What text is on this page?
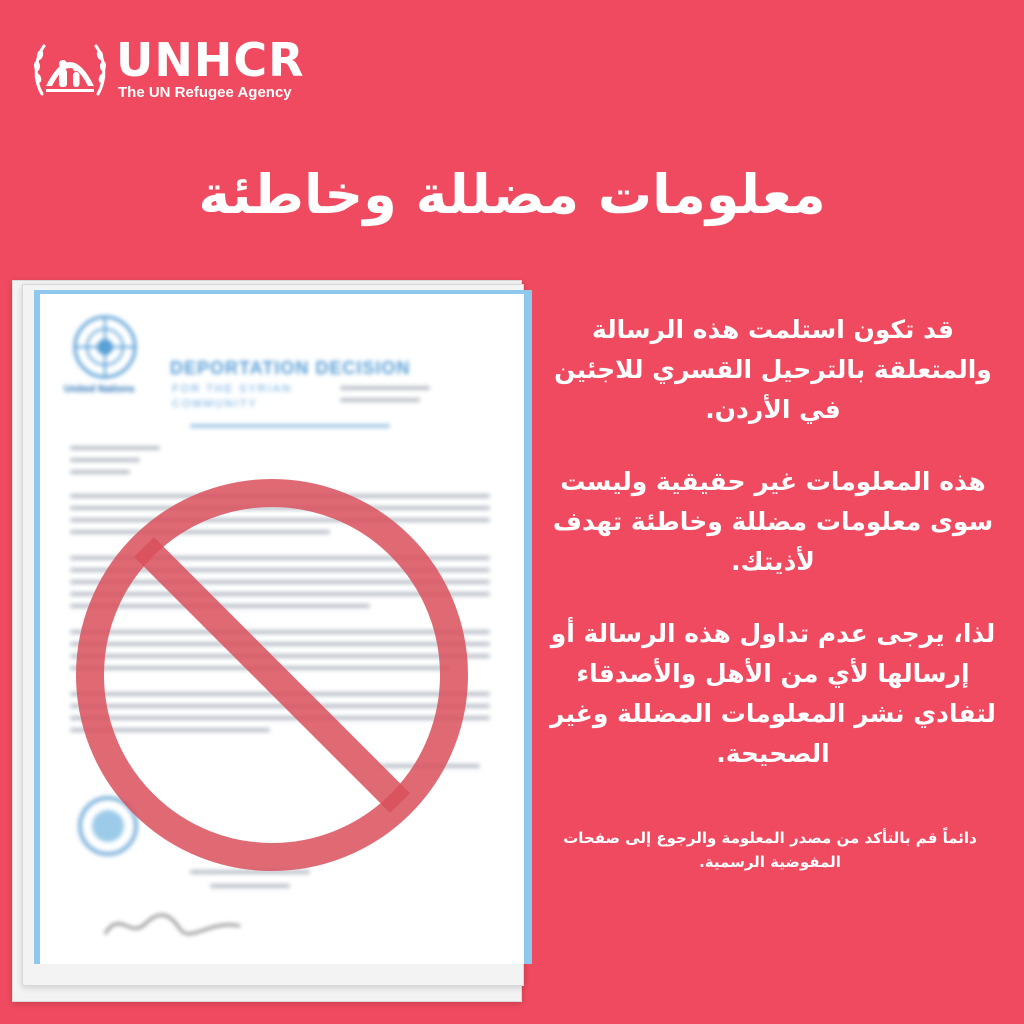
UNHCR
The UN Refugee Agency
معلومات مضللة وخاطئة
United Nations
DEPORTATION DECISION
FOR THE SYRIAN COMMUNITY

قد تكون استلمت هذه الرسالة والمتعلقة بالترحيل القسري للاجئين في الأردن.

هذه المعلومات غير حقيقية وليست سوى معلومات مضللة وخاطئة تهدف لأذيتك.

لذا، يرجى عدم تداول هذه الرسالة أو إرسالها لأي من الأهل والأصدقاء لتفادي نشر المعلومات المضللة وغير الصحيحة.

دائماً قم بالتأكد من مصدر المعلومة والرجوع إلى صفحات المفوضية الرسمية.
